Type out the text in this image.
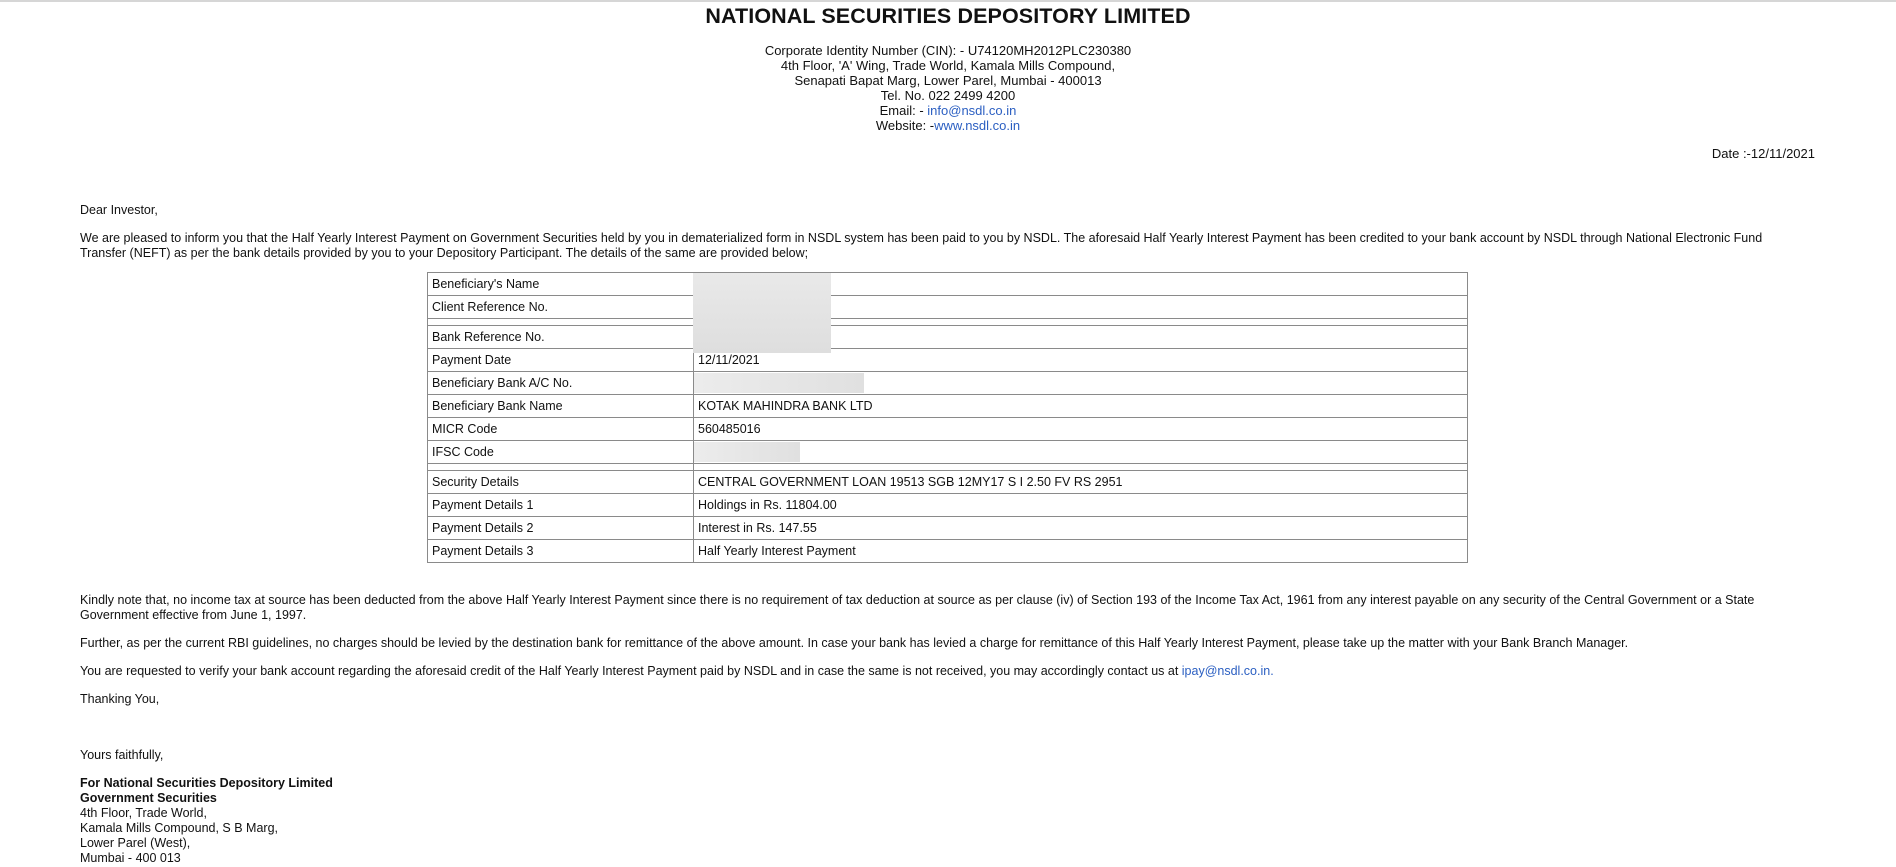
NATIONAL SECURITIES DEPOSITORY LIMITED
Corporate Identity Number (CIN): - U74120MH2012PLC230380
4th Floor, 'A' Wing, Trade World, Kamala Mills Compound,
Senapati Bapat Marg, Lower Parel, Mumbai - 400013
Tel. No. 022 2499 4200
Email: - info@nsdl.co.in
Website: -www.nsdl.co.in
Date :-12/11/2021
Dear Investor,
We are pleased to inform you that the Half Yearly Interest Payment on Government Securities held by you in dematerialized form in NSDL system has been paid to you by NSDL. The aforesaid Half Yearly Interest Payment has been credited to your bank account by NSDL through National Electronic Fund Transfer (NEFT) as per the bank details provided by you to your Depository Participant. The details of the same are provided below;
Beneficiary's Name	
Client Reference No.	

Bank Reference No.	
Payment Date	12/11/2021
Beneficiary Bank A/C No.	
Beneficiary Bank Name	KOTAK MAHINDRA BANK LTD
MICR Code	560485016
IFSC Code	

Security Details	CENTRAL GOVERNMENT LOAN 19513 SGB 12MY17 S I 2.50 FV RS 2951
Payment Details 1	Holdings in Rs. 11804.00
Payment Details 2	Interest in Rs. 147.55
Payment Details 3	Half Yearly Interest Payment
Kindly note that, no income tax at source has been deducted from the above Half Yearly Interest Payment since there is no requirement of tax deduction at source as per clause (iv) of Section 193 of the Income Tax Act, 1961 from any interest payable on any security of the Central Government or a State Government effective from June 1, 1997.
Further, as per the current RBI guidelines, no charges should be levied by the destination bank for remittance of the above amount. In case your bank has levied a charge for remittance of this Half Yearly Interest Payment, please take up the matter with your Bank Branch Manager.
You are requested to verify your bank account regarding the aforesaid credit of the Half Yearly Interest Payment paid by NSDL and in case the same is not received, you may accordingly contact us at ipay@nsdl.co.in.
Thanking You,
Yours faithfully,
For National Securities Depository Limited
Government Securities
4th Floor, Trade World,
Kamala Mills Compound, S B Marg,
Lower Parel (West),
Mumbai - 400 013
